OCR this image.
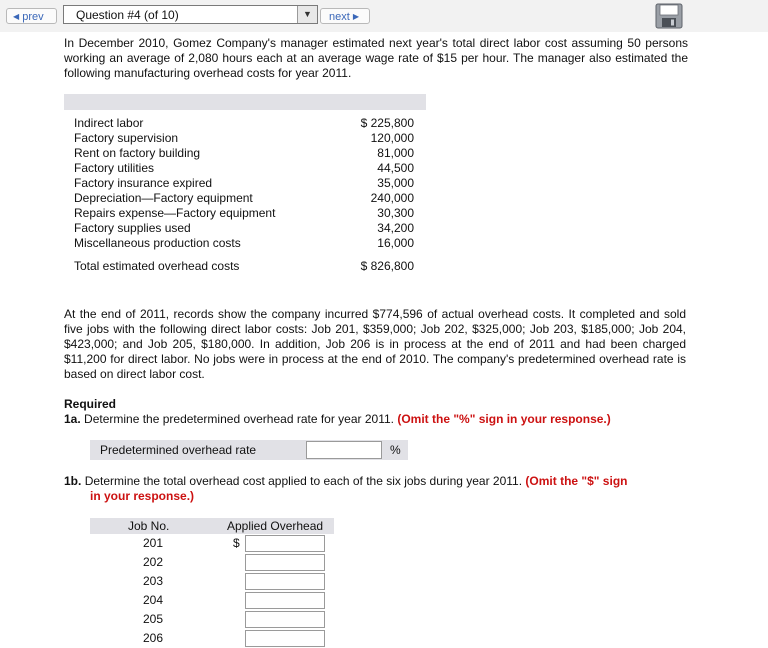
◀ prev	Question #4 (of 10)	▼	next ▶
In December 2010, Gomez Company's manager estimated next year's total direct labor cost assuming 50 persons working an average of 2,080 hours each at an average wage rate of $15 per hour. The manager also estimated the following manufacturing overhead costs for year 2011.
Indirect labor	$ 225,800
Factory supervision	120,000
Rent on factory building	81,000
Factory utilities	44,500
Factory insurance expired	35,000
Depreciation—Factory equipment	240,000
Repairs expense—Factory equipment	30,300
Factory supplies used	34,200
Miscellaneous production costs	16,000
Total estimated overhead costs	$ 826,800
At the end of 2011, records show the company incurred $774,596 of actual overhead costs. It completed and sold five jobs with the following direct labor costs: Job 201, $359,000; Job 202, $325,000; Job 203, $185,000; Job 204, $423,000; and Job 205, $180,000. In addition, Job 206 is in process at the end of 2011 and had been charged $11,200 for direct labor. No jobs were in process at the end of 2010. The company's predetermined overhead rate is based on direct labor cost.
Required
1a. Determine the predetermined overhead rate for year 2011. (Omit the "%" sign in your response.)
Predetermined overhead rate	%
1b. Determine the total overhead cost applied to each of the six jobs during year 2011. (Omit the "$" sign
in your response.)
Job No.	Applied Overhead
201	$
202
203
204
205
206
